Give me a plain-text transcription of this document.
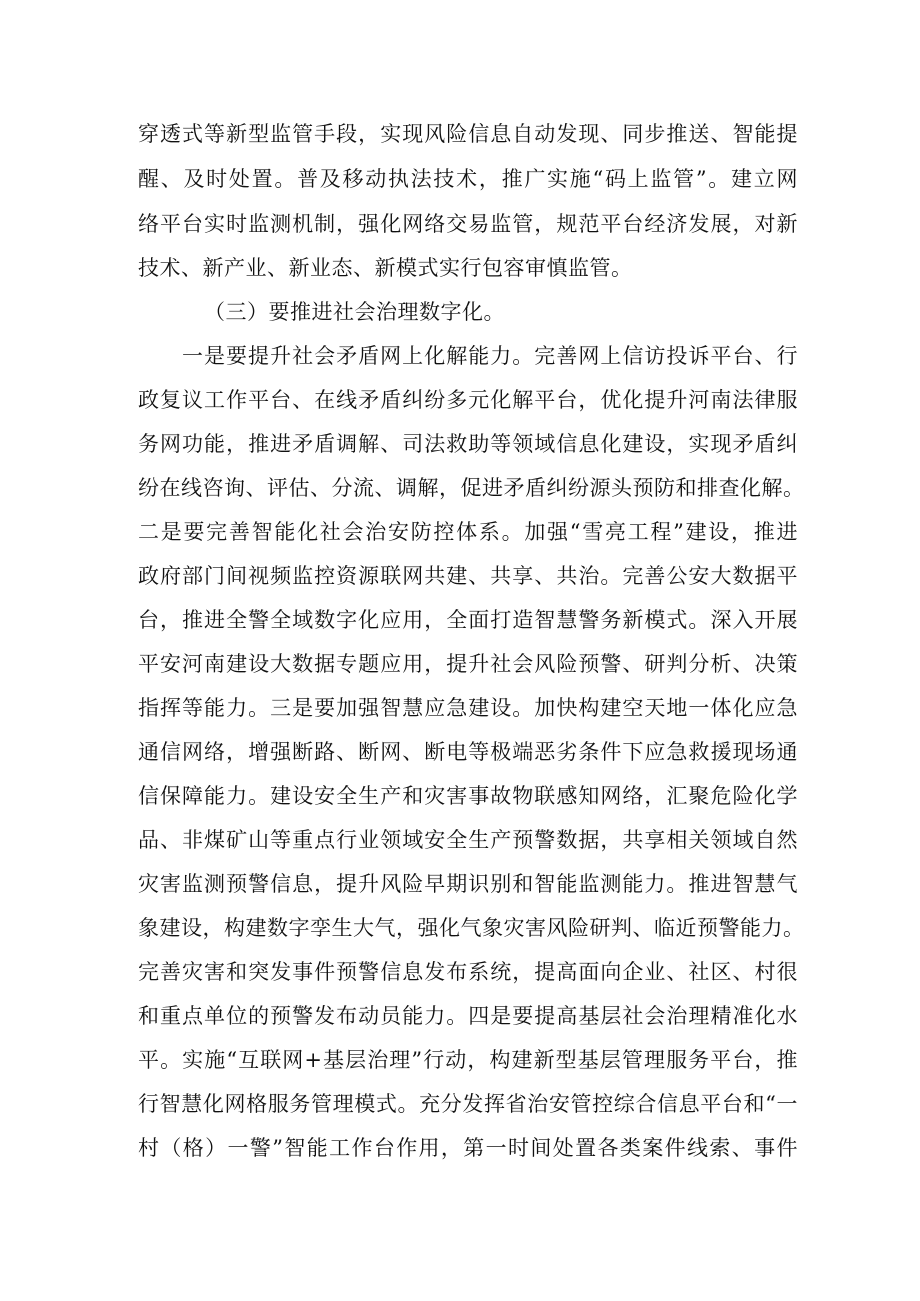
穿透式等新型监管手段，实现风险信息自动发现、同步推送、智能提
醒、及时处置。普及移动执法技术，推广实施“码上监管”。建立网
络平台实时监测机制，强化网络交易监管，规范平台经济发展，对新
技术、新产业、新业态、新模式实行包容审慎监管。
（三）要推进社会治理数字化。
一是要提升社会矛盾网上化解能力。完善网上信访投诉平台、行
政复议工作平台、在线矛盾纠纷多元化解平台，优化提升河南法律服
务网功能，推进矛盾调解、司法救助等领域信息化建设，实现矛盾纠
纷在线咨询、评估、分流、调解，促进矛盾纠纷源头预防和排查化解。
二是要完善智能化社会治安防控体系。加强“雪亮工程”建设，推进
政府部门间视频监控资源联网共建、共享、共治。完善公安大数据平
台，推进全警全域数字化应用，全面打造智慧警务新模式。深入开展
平安河南建设大数据专题应用，提升社会风险预警、研判分析、决策
指挥等能力。三是要加强智慧应急建设。加快构建空天地一体化应急
通信网络，增强断路、断网、断电等极端恶劣条件下应急救援现场通
信保障能力。建设安全生产和灾害事故物联感知网络，汇聚危险化学
品、非煤矿山等重点行业领域安全生产预警数据，共享相关领域自然
灾害监测预警信息，提升风险早期识别和智能监测能力。推进智慧气
象建设，构建数字孪生大气，强化气象灾害风险研判、临近预警能力。
完善灾害和突发事件预警信息发布系统，提高面向企业、社区、村很
和重点单位的预警发布动员能力。四是要提高基层社会治理精准化水
平。实施“互联网+基层治理”行动，构建新型基层管理服务平台，推
行智慧化网格服务管理模式。充分发挥省治安管控综合信息平台和“一
村（格）一警”智能工作台作用，第一时间处置各类案件线索、事件
